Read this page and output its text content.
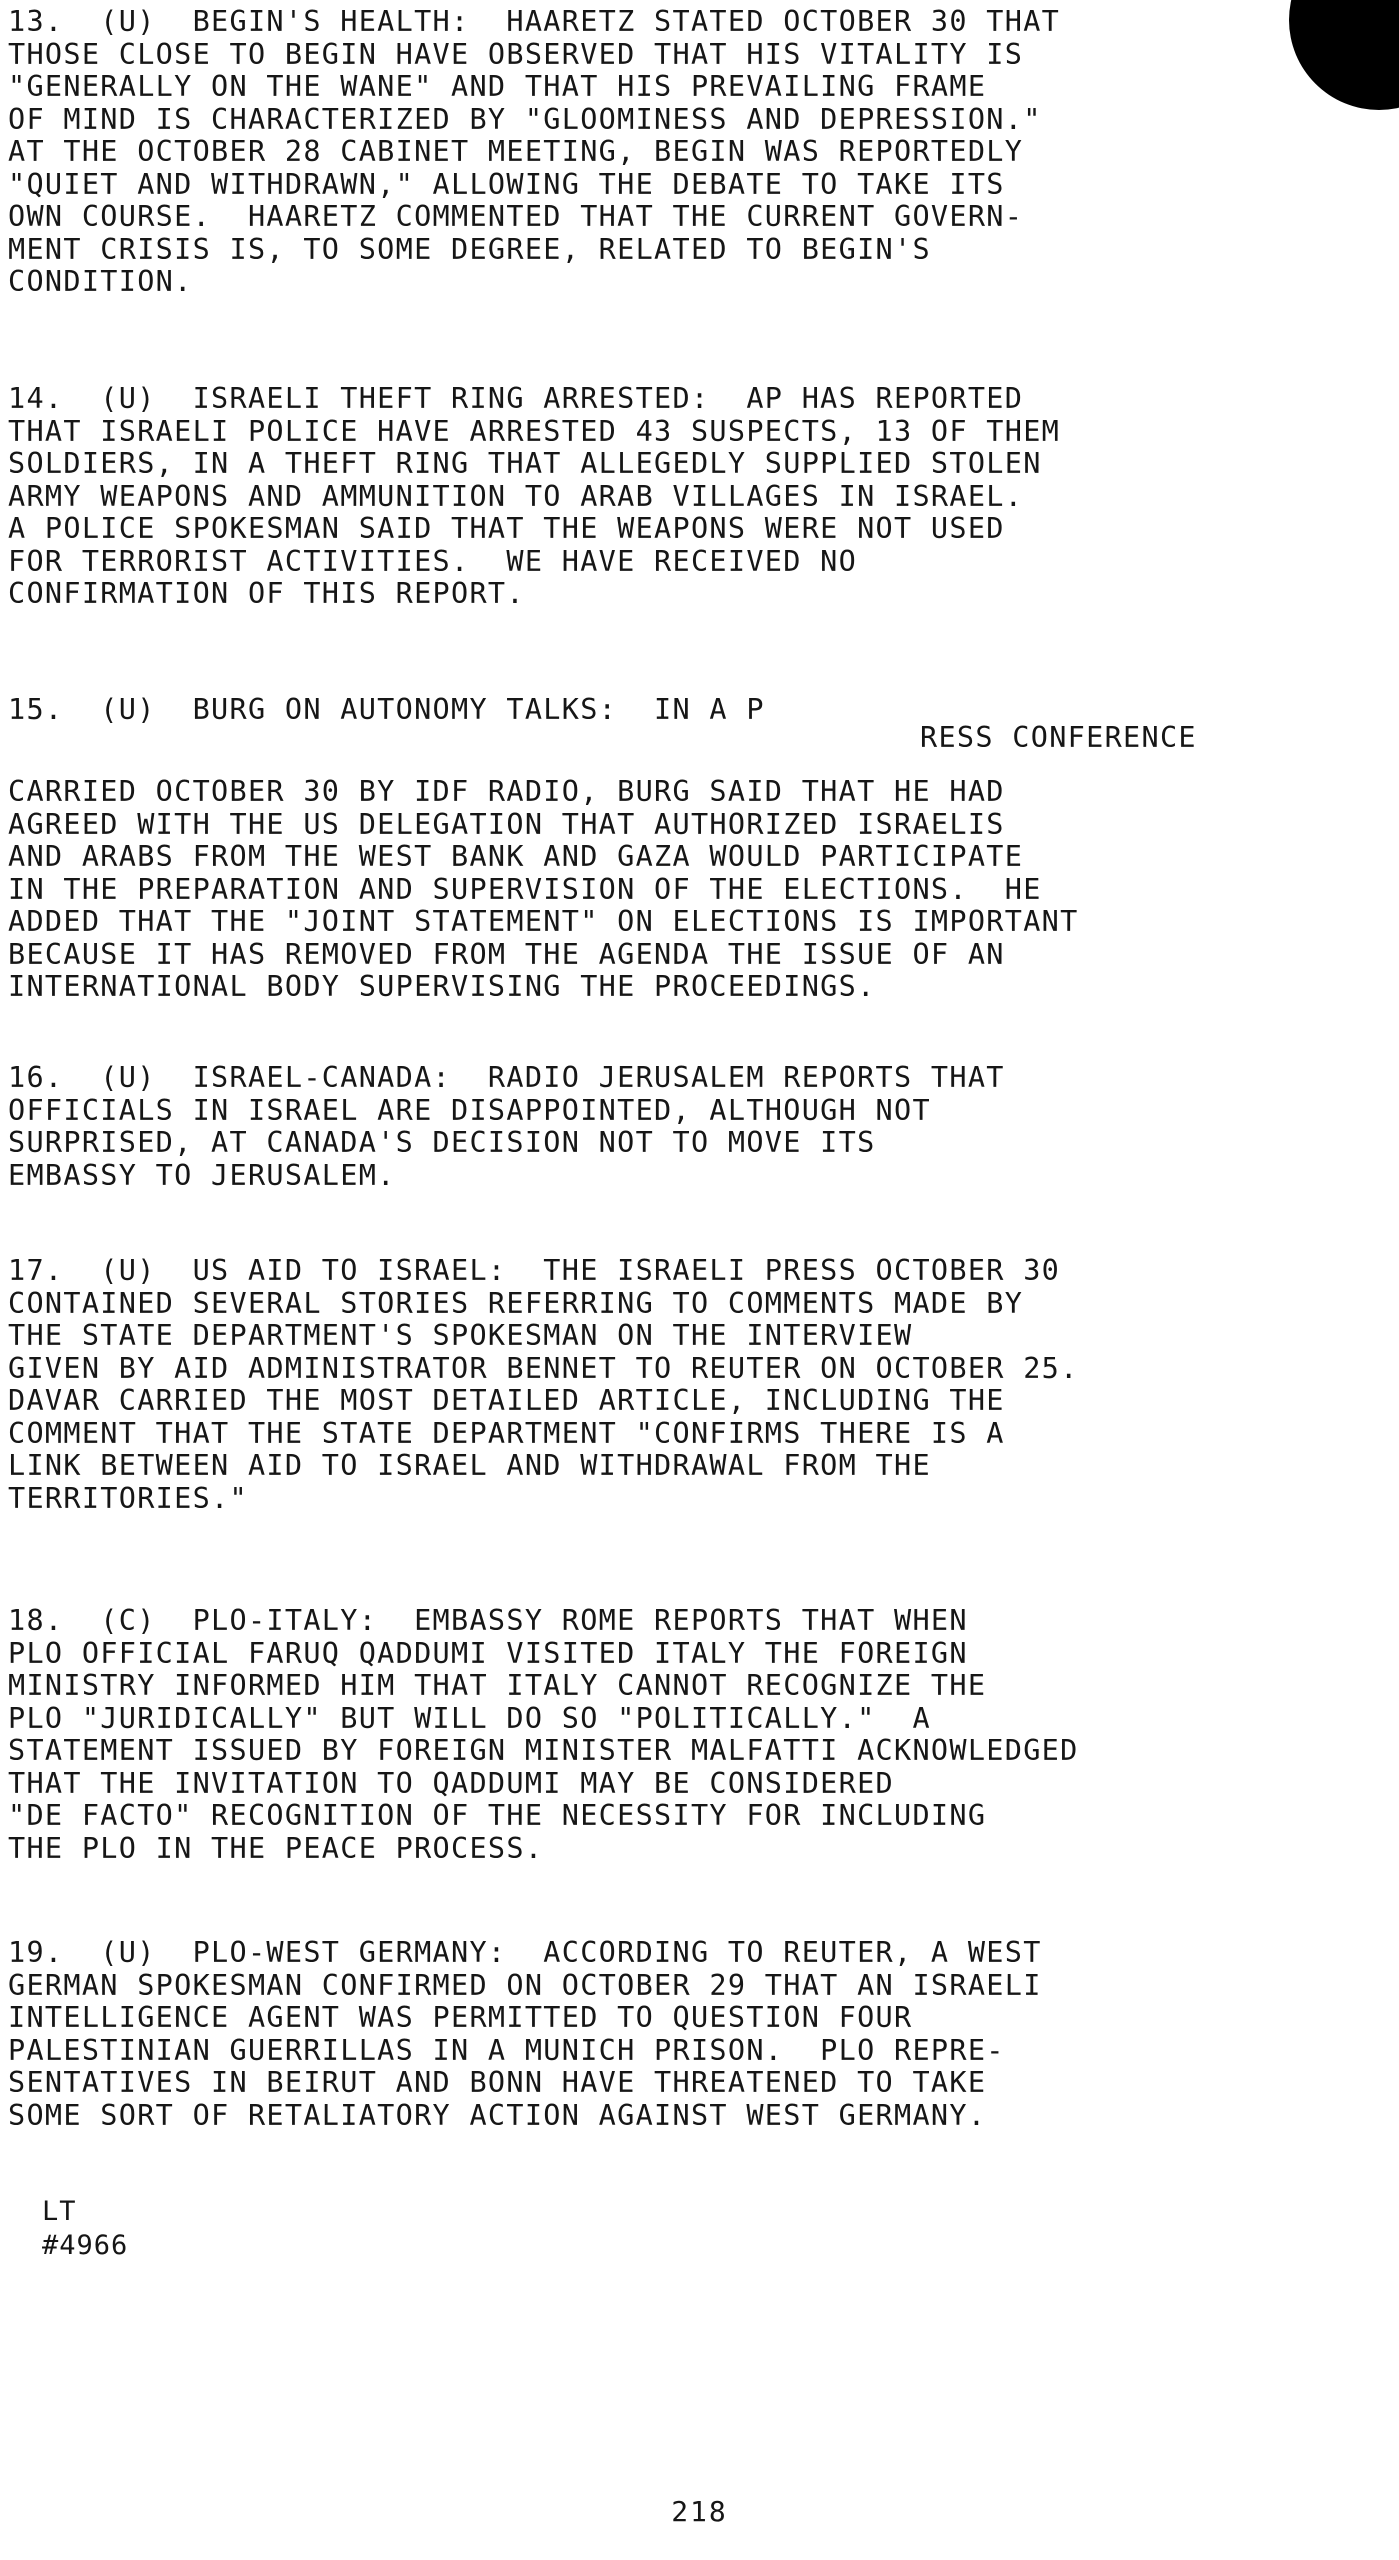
13.  (U)  BEGIN'S HEALTH:  HAARETZ STATED OCTOBER 30 THAT
THOSE CLOSE TO BEGIN HAVE OBSERVED THAT HIS VITALITY IS
"GENERALLY ON THE WANE" AND THAT HIS PREVAILING FRAME
OF MIND IS CHARACTERIZED BY "GLOOMINESS AND DEPRESSION."
AT THE OCTOBER 28 CABINET MEETING, BEGIN WAS REPORTEDLY
"QUIET AND WITHDRAWN," ALLOWING THE DEBATE TO TAKE ITS
OWN COURSE.  HAARETZ COMMENTED THAT THE CURRENT GOVERN-
MENT CRISIS IS, TO SOME DEGREE, RELATED TO BEGIN'S
CONDITION.
14.  (U)  ISRAELI THEFT RING ARRESTED:  AP HAS REPORTED
THAT ISRAELI POLICE HAVE ARRESTED 43 SUSPECTS, 13 OF THEM
SOLDIERS, IN A THEFT RING THAT ALLEGEDLY SUPPLIED STOLEN
ARMY WEAPONS AND AMMUNITION TO ARAB VILLAGES IN ISRAEL.
A POLICE SPOKESMAN SAID THAT THE WEAPONS WERE NOT USED
FOR TERRORIST ACTIVITIES.  WE HAVE RECEIVED NO
CONFIRMATION OF THIS REPORT.
15.  (U)  BURG ON AUTONOMY TALKS:  IN A P
RESS CONFERENCE
CARRIED OCTOBER 30 BY IDF RADIO, BURG SAID THAT HE HAD
AGREED WITH THE US DELEGATION THAT AUTHORIZED ISRAELIS
AND ARABS FROM THE WEST BANK AND GAZA WOULD PARTICIPATE
IN THE PREPARATION AND SUPERVISION OF THE ELECTIONS.  HE
ADDED THAT THE "JOINT STATEMENT" ON ELECTIONS IS IMPORTANT
BECAUSE IT HAS REMOVED FROM THE AGENDA THE ISSUE OF AN
INTERNATIONAL BODY SUPERVISING THE PROCEEDINGS.
16.  (U)  ISRAEL-CANADA:  RADIO JERUSALEM REPORTS THAT
OFFICIALS IN ISRAEL ARE DISAPPOINTED, ALTHOUGH NOT
SURPRISED, AT CANADA'S DECISION NOT TO MOVE ITS
EMBASSY TO JERUSALEM.
17.  (U)  US AID TO ISRAEL:  THE ISRAELI PRESS OCTOBER 30
CONTAINED SEVERAL STORIES REFERRING TO COMMENTS MADE BY
THE STATE DEPARTMENT'S SPOKESMAN ON THE INTERVIEW
GIVEN BY AID ADMINISTRATOR BENNET TO REUTER ON OCTOBER 25.
DAVAR CARRIED THE MOST DETAILED ARTICLE, INCLUDING THE
COMMENT THAT THE STATE DEPARTMENT "CONFIRMS THERE IS A
LINK BETWEEN AID TO ISRAEL AND WITHDRAWAL FROM THE
TERRITORIES."
18.  (C)  PLO-ITALY:  EMBASSY ROME REPORTS THAT WHEN
PLO OFFICIAL FARUQ QADDUMI VISITED ITALY THE FOREIGN
MINISTRY INFORMED HIM THAT ITALY CANNOT RECOGNIZE THE
PLO "JURIDICALLY" BUT WILL DO SO "POLITICALLY."  A
STATEMENT ISSUED BY FOREIGN MINISTER MALFATTI ACKNOWLEDGED
THAT THE INVITATION TO QADDUMI MAY BE CONSIDERED
"DE FACTO" RECOGNITION OF THE NECESSITY FOR INCLUDING
THE PLO IN THE PEACE PROCESS.
19.  (U)  PLO-WEST GERMANY:  ACCORDING TO REUTER, A WEST
GERMAN SPOKESMAN CONFIRMED ON OCTOBER 29 THAT AN ISRAELI
INTELLIGENCE AGENT WAS PERMITTED TO QUESTION FOUR
PALESTINIAN GUERRILLAS IN A MUNICH PRISON.  PLO REPRE-
SENTATIVES IN BEIRUT AND BONN HAVE THREATENED TO TAKE
SOME SORT OF RETALIATORY ACTION AGAINST WEST GERMANY.
LT
#4966
218
